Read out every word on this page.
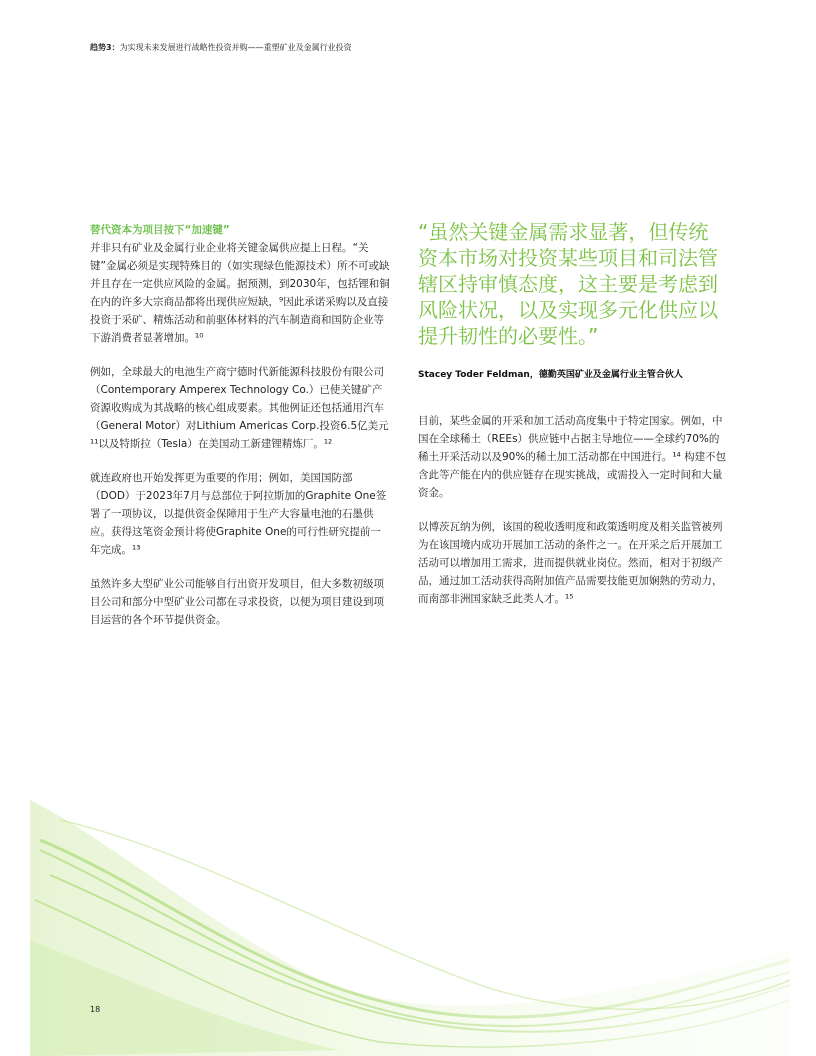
趋势3：为实现未来发展进行战略性投资并购——重塑矿业及金属行业投资
替代资本为项目按下“加速键”

并非只有矿业及金属行业企业将关键金属供应提上日程。“关键”金属必须是实现特殊目的（如实现绿色能源技术）所不可或缺并且存在一定供应风险的金属。据预测，到2030年，包括锂和铜在内的许多大宗商品都将出现供应短缺，⁹因此承诺采购以及直接投资于采矿、精炼活动和前驱体材料的汽车制造商和国防企业等下游消费者显著增加。¹⁰

例如，全球最大的电池生产商宁德时代新能源科技股份有限公司（Contemporary Amperex Technology Co.）已使关键矿产资源收购成为其战略的核心组成要素。其他例证还包括通用汽车（General Motor）对Lithium Americas Corp.投资6.5亿美元¹¹以及特斯拉（Tesla）在美国动工新建锂精炼厂。¹²

就连政府也开始发挥更为重要的作用；例如，美国国防部（DOD）于2023年7月与总部位于阿拉斯加的Graphite One签署了一项协议，以提供资金保障用于生产大容量电池的石墨供应。获得这笔资金预计将使Graphite One的可行性研究提前一年完成。¹³

虽然许多大型矿业公司能够自行出资开发项目，但大多数初级项目公司和部分中型矿业公司都在寻求投资，以便为项目建设到项目运营的各个环节提供资金。

“虽然关键金属需求显著，但传统资本市场对投资某些项目和司法管辖区持审慎态度，这主要是考虑到风险状况，以及实现多元化供应以提升韧性的必要性。”
Stacey Toder Feldman，德勤英国矿业及金属行业主管合伙人

目前，某些金属的开采和加工活动高度集中于特定国家。例如，中国在全球稀土（REEs）供应链中占据主导地位——全球约70%的稀土开采活动以及90%的稀土加工活动都在中国进行。¹⁴ 构建不包含此等产能在内的供应链存在现实挑战，或需投入一定时间和大量资金。

以博茨瓦纳为例，该国的税收透明度和政策透明度及相关监管被列为在该国境内成功开展加工活动的条件之一。在开采之后开展加工活动可以增加用工需求，进而提供就业岗位。然而，相对于初级产品，通过加工活动获得高附加值产品需要技能更加娴熟的劳动力，而南部非洲国家缺乏此类人才。¹⁵

18
